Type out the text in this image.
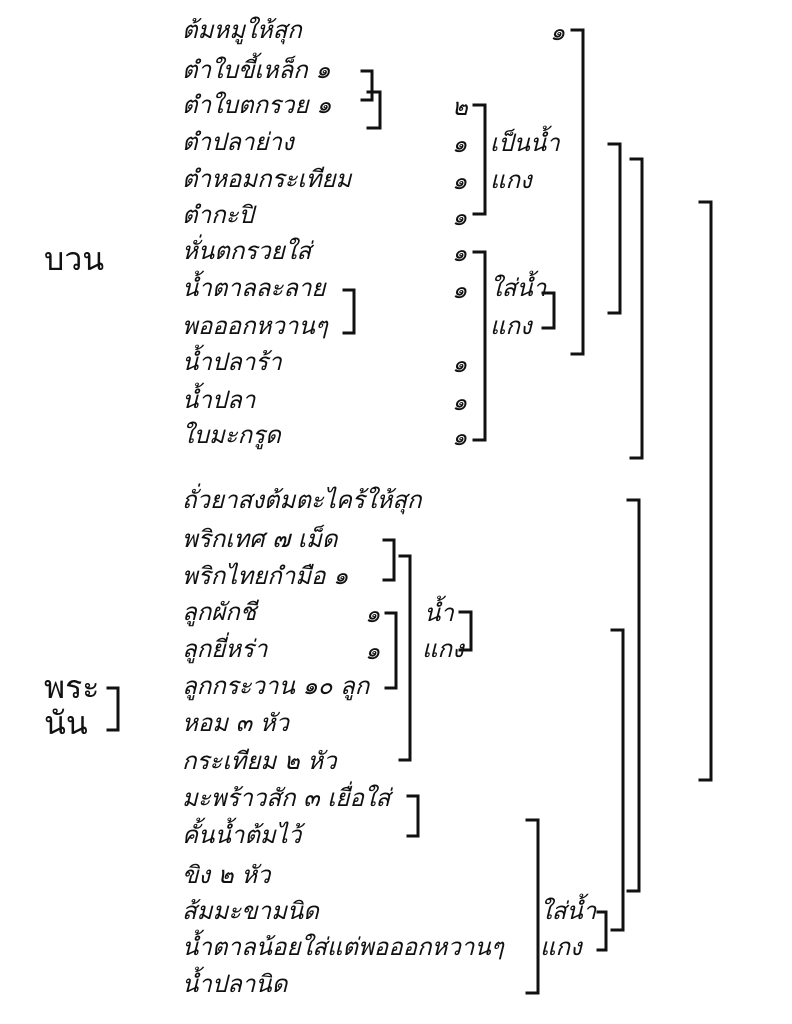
บวน
ต้มหมูให้สุก
ตำใบขี้เหล็ก ๑
ตำใบตกรวย ๑
ตำปลาย่าง
ตำหอมกระเทียม
ตำกะปิ
หั่นตกรวยใส่
น้ำตาลละลาย
พอออกหวานๆ
น้ำปลาร้า
น้ำปลา
ใบมะกรูด
๑
๒
๑
๑
๑
๑
๑
๑
๑
๑
เป็นน้ำ
แกง
ใส่น้ำ
แกง
พระ
นัน
ถั่วยาสงต้มตะไคร้ให้สุก
พริกเทศ ๗ เม็ด
พริกไทยกำมือ ๑
ลูกผักชี
ลูกยี่หร่า
ลูกกระวาน ๑๐ ลูก
หอม ๓ หัว
กระเทียม ๒ หัว
มะพร้าวสัก ๓ เยื่อใส่
คั้นน้ำต้มไว้
ขิง ๒ หัว
ส้มมะขามนิด
น้ำตาลน้อยใส่แต่พอออกหวานๆ
น้ำปลานิด
๑
๑
น้ำ
แกง
ใส่น้ำ
แกง
